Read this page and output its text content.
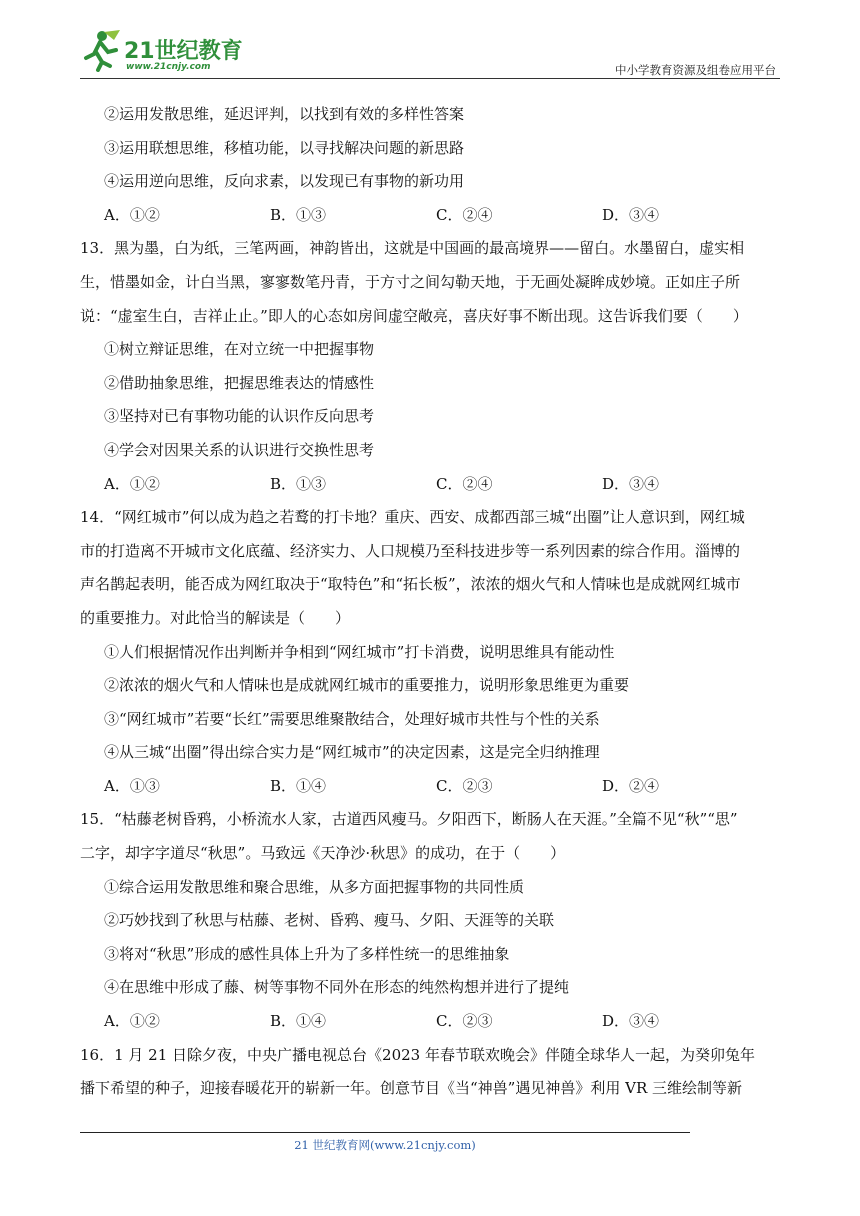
21世纪教育
www.21cnjy.com	中小学教育资源及组卷应用平台
②运用发散思维，延迟评判，以找到有效的多样性答案
③运用联想思维，移植功能，以寻找解决问题的新思路
④运用逆向思维，反向求素，以发现已有事物的新功用
A．①②	B．①③	C．②④	D．③④
13．黑为墨，白为纸，三笔两画，神韵皆出，这就是中国画的最高境界——留白。水墨留白，虚实相
生，惜墨如金，计白当黑，寥寥数笔丹青，于方寸之间勾勒天地，于无画处凝眸成妙境。正如庄子所
说：“虚室生白，吉祥止止。”即人的心态如房间虚空敞亮，喜庆好事不断出现。这告诉我们要（　　）
①树立辩证思维，在对立统一中把握事物
②借助抽象思维，把握思维表达的情感性
③坚持对已有事物功能的认识作反向思考
④学会对因果关系的认识进行交换性思考
A．①②	B．①③	C．②④	D．③④
14．“网红城市”何以成为趋之若鹜的打卡地？重庆、西安、成都西部三城“出圈”让人意识到，网红城
市的打造离不开城市文化底蕴、经济实力、人口规模乃至科技进步等一系列因素的综合作用。淄博的
声名鹊起表明，能否成为网红取决于“取特色”和“拓长板”，浓浓的烟火气和人情味也是成就网红城市
的重要推力。对此恰当的解读是（　　）
①人们根据情况作出判断并争相到“网红城市”打卡消费，说明思维具有能动性
②浓浓的烟火气和人情味也是成就网红城市的重要推力，说明形象思维更为重要
③“网红城市”若要“长红”需要思维聚散结合，处理好城市共性与个性的关系
④从三城“出圈”得出综合实力是“网红城市”的决定因素，这是完全归纳推理
A．①③	B．①④	C．②③	D．②④
15．“枯藤老树昏鸦，小桥流水人家，古道西风瘦马。夕阳西下，断肠人在天涯。”全篇不见“秋”“思”
二字，却字字道尽“秋思”。马致远《天净沙·秋思》的成功，在于（　　）
①综合运用发散思维和聚合思维，从多方面把握事物的共同性质
②巧妙找到了秋思与枯藤、老树、昏鸦、瘦马、夕阳、天涯等的关联
③将对“秋思”形成的感性具体上升为了多样性统一的思维抽象
④在思维中形成了藤、树等事物不同外在形态的纯然构想并进行了提纯
A．①②	B．①④	C．②③	D．③④
16．1 月 21 日除夕夜，中央广播电视总台《2023 年春节联欢晚会》伴随全球华人一起，为癸卯兔年
播下希望的种子，迎接春暖花开的崭新一年。创意节目《当“神兽”遇见神兽》利用 VR 三维绘制等新
21 世纪教育网(www.21cnjy.com)
